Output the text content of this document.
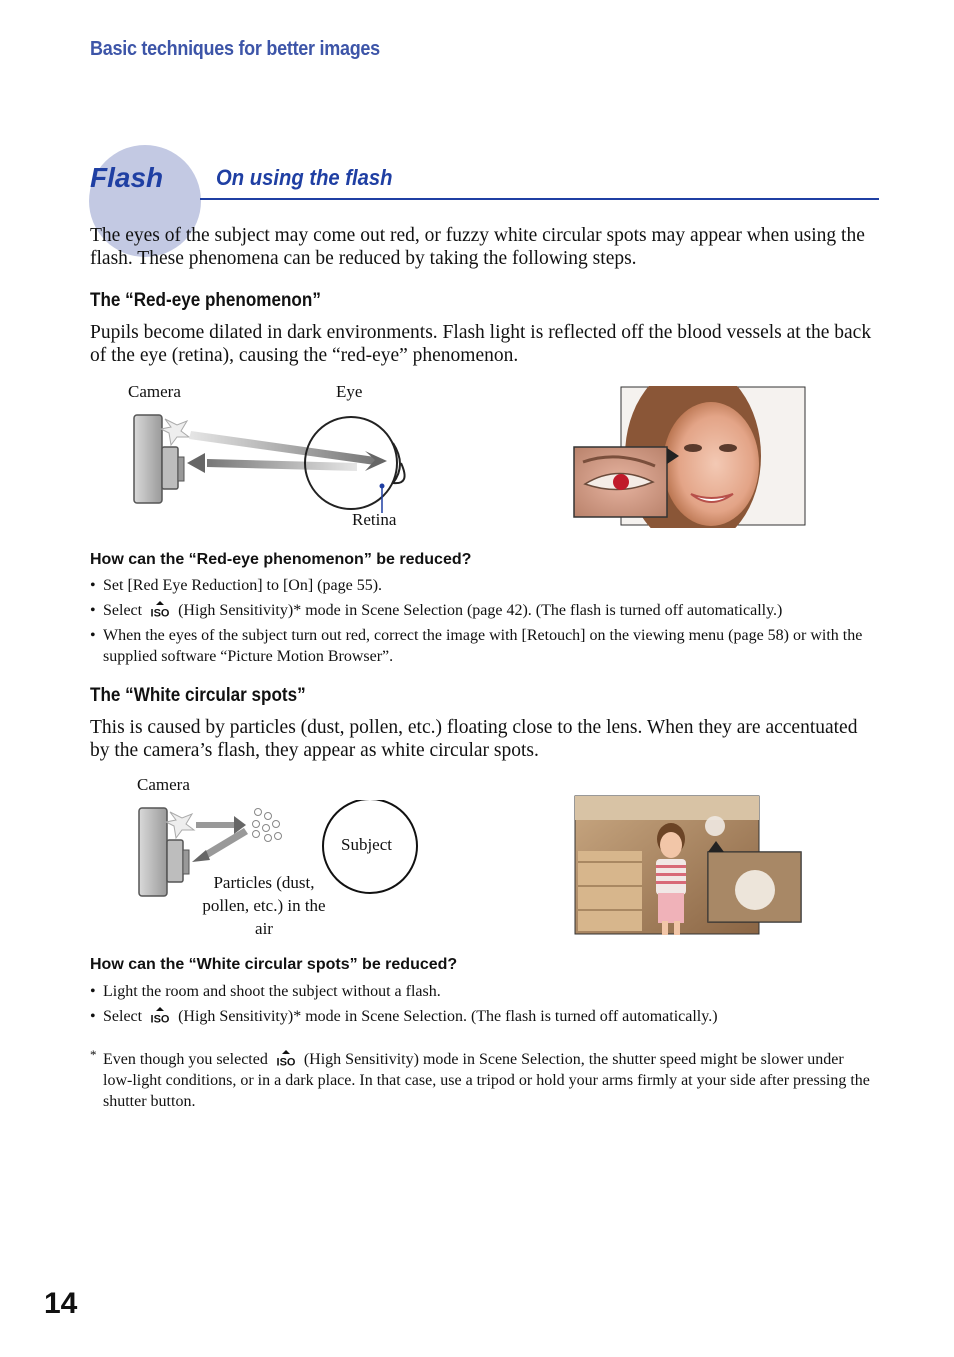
Basic techniques for better images
Flash On using the flash
The eyes of the subject may come out red, or fuzzy white circular spots may appear when using the flash. These phenomena can be reduced by taking the following steps.
The “Red-eye phenomenon”
Pupils become dilated in dark environments. Flash light is reflected off the blood vessels at the back of the eye (retina), causing the “red-eye” phenomenon.
Camera	Eye
Retina
How can the “Red-eye phenomenon” be reduced?
• Set [Red Eye Reduction] to [On] (page 55).
• Select ISO (High Sensitivity)* mode in Scene Selection (page 42). (The flash is turned off automatically.)
• When the eyes of the subject turn out red, correct the image with [Retouch] on the viewing menu (page 58) or with the supplied software “Picture Motion Browser”.
The “White circular spots”
This is caused by particles (dust, pollen, etc.) floating close to the lens. When they are accentuated by the camera’s flash, they appear as white circular spots.
Camera
Subject
Particles (dust, pollen, etc.) in the air
How can the “White circular spots” be reduced?
• Light the room and shoot the subject without a flash.
• Select ISO (High Sensitivity)* mode in Scene Selection. (The flash is turned off automatically.)
* Even though you selected ISO (High Sensitivity) mode in Scene Selection, the shutter speed might be slower under low-light conditions, or in a dark place. In that case, use a tripod or hold your arms firmly at your side after pressing the shutter button.
14
